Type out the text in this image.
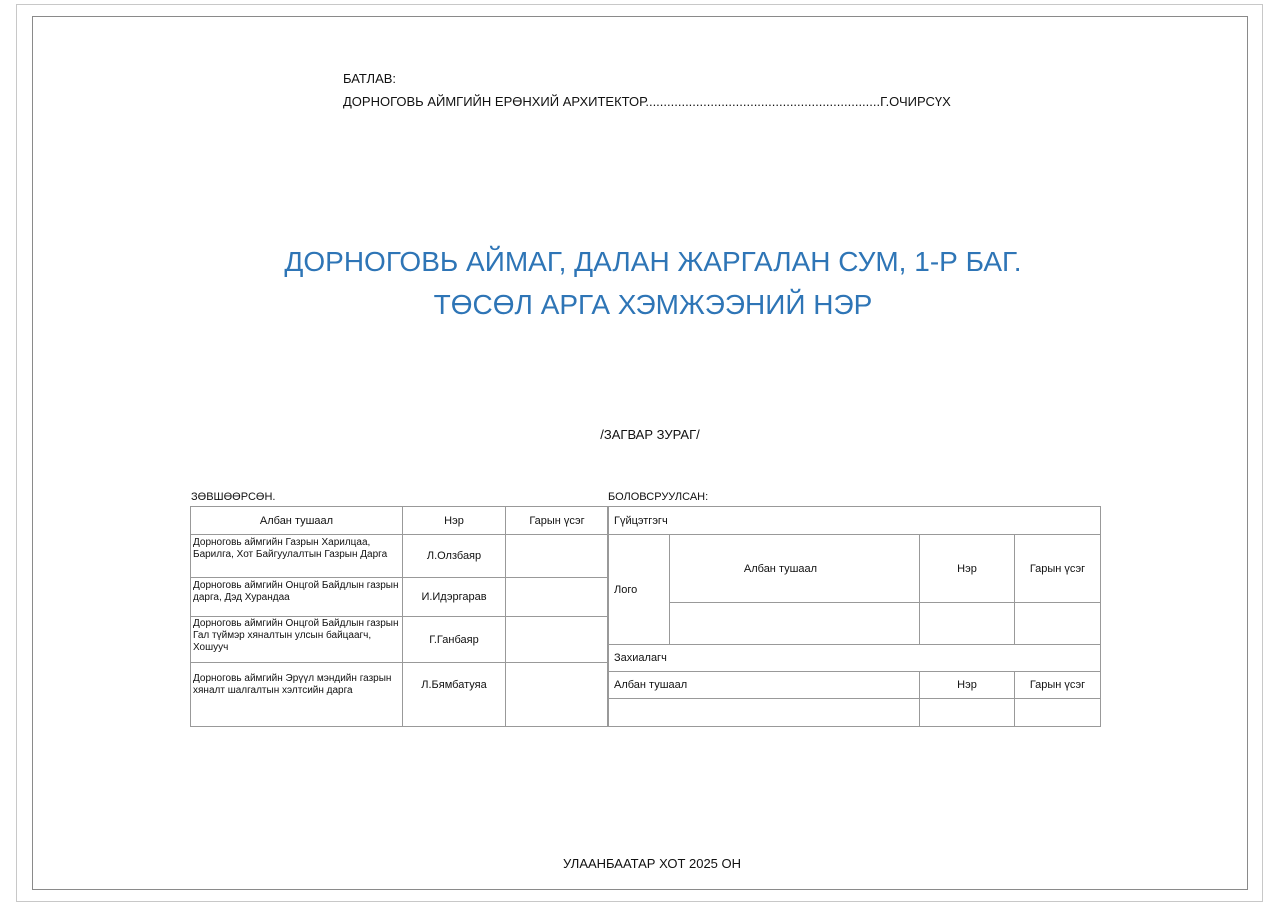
БАТЛАВ:
ДОРНОГОВЬ АЙМГИЙН ЕРӨНХИЙ АРХИТЕКТОР.................................................................Г.ОЧИРСҮХ
ДОРНОГОВЬ АЙМАГ, ДАЛАН ЖАРГАЛАН СУМ, 1-Р БАГ.
ТӨСӨЛ АРГА ХЭМЖЭЭНИЙ НЭР
/ЗАГВАР ЗУРАГ/
ЗӨВШӨӨРСӨН.	БОЛОВСРУУЛСАН:
Албан тушаал	Нэр	Гарын үсэг
Дорноговь аймгийн Газрын Харилцаа, Барилга, Хот Байгуулалтын Газрын Дарга	Л.Олзбаяр	
Дорноговь аймгийн Онцгой Байдлын газрын дарга, Дэд Хурандаа	И.Идэргарав	
Дорноговь аймгийн Онцгой Байдлын газрын Гал түймэр хяналтын улсын байцаагч, Хошууч	Г.Ганбаяр	
Дорноговь аймгийн Эрүүл мэндийн газрын хяналт шалгалтын хэлтсийн дарга	Л.Бямбатуяа	
Гүйцэтгэгч			
Лого	Албан тушаал	Нэр	Гарын үсэг

Захиалагч			
Албан тушаал		Нэр	Гарын үсэг

УЛААНБААТАР ХОТ 2025 ОН
